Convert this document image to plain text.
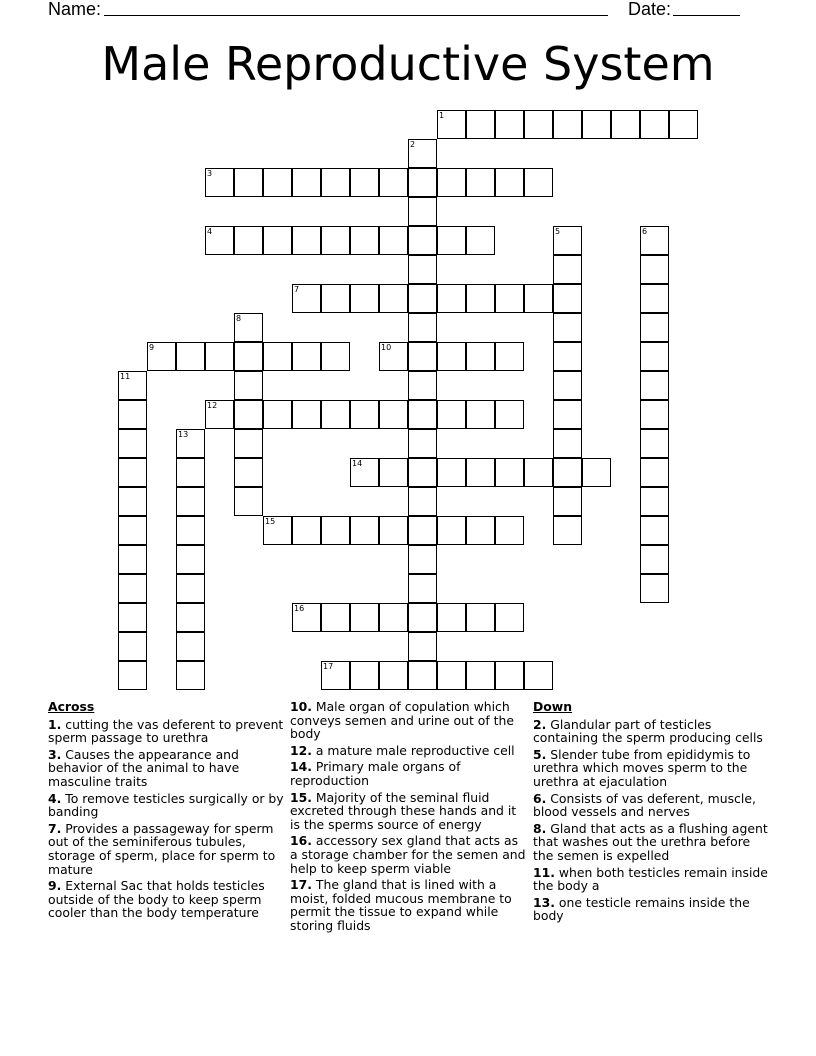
Name:	Date:
Male Reproductive System
1
2
3
4	5	6
7
8
9	10
11
12
13
14
15
16
17
Across
1. cutting the vas deferent to prevent sperm passage to urethra
3. Causes the appearance and behavior of the animal to have masculine traits
4. To remove testicles surgically or by banding
7. Provides a passageway for sperm out of the seminiferous tubules, storage of sperm, place for sperm to mature
9. External Sac that holds testicles outside of the body to keep sperm cooler than the body temperature
10. Male organ of copulation which conveys semen and urine out of the body
12. a mature male reproductive cell
14. Primary male organs of reproduction
15. Majority of the seminal fluid excreted through these hands and it is the sperms source of energy
16. accessory sex gland that acts as a storage chamber for the semen and help to keep sperm viable
17. The gland that is lined with a moist, folded mucous membrane to permit the tissue to expand while storing fluids
Down
2. Glandular part of testicles containing the sperm producing cells
5. Slender tube from epididymis to urethra which moves sperm to the urethra at ejaculation
6. Consists of vas deferent, muscle, blood vessels and nerves
8. Gland that acts as a flushing agent that washes out the urethra before the semen is expelled
11. when both testicles remain inside the body a
13. one testicle remains inside the body
